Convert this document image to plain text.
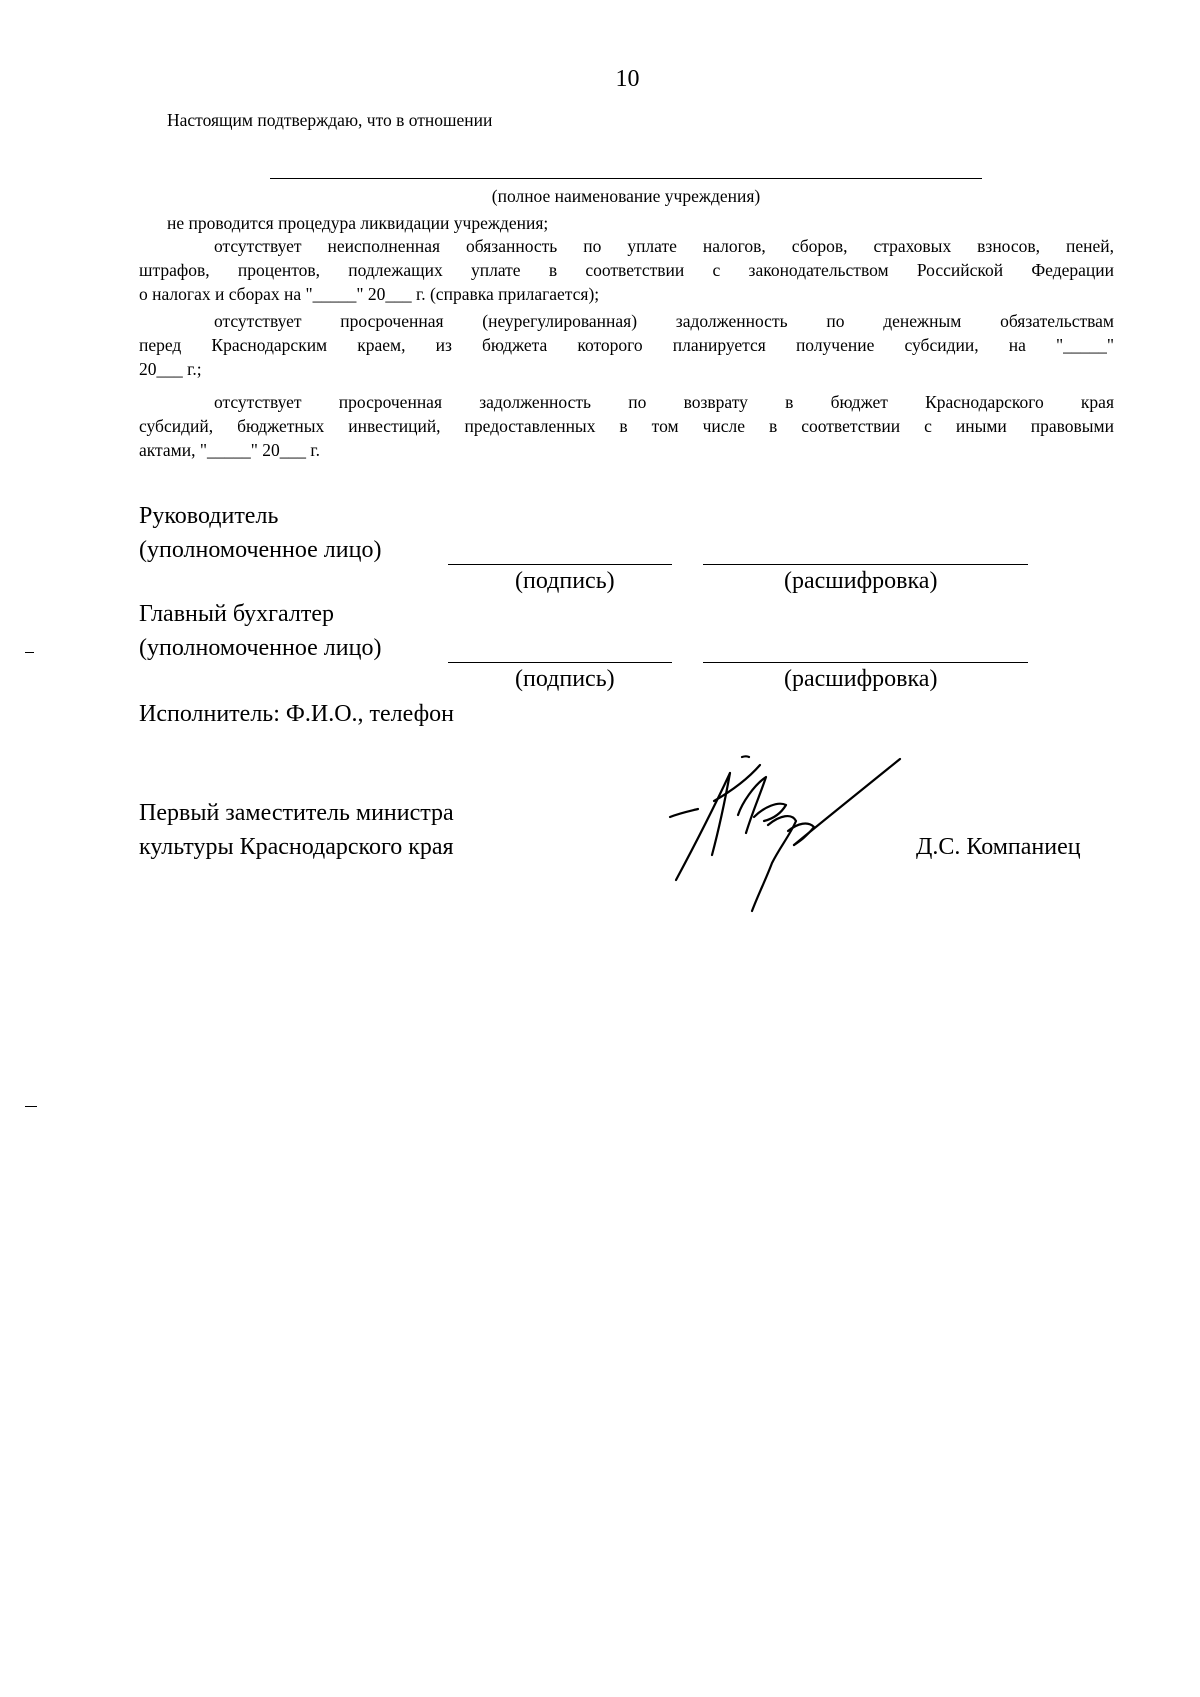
10
Настоящим подтверждаю, что в отношении
(полное наименование учреждения)
не проводится процедура ликвидации учреждения;
отсутствует неисполненная обязанность по уплате налогов, сборов, страховых взносов, пеней,
штрафов, процентов, подлежащих уплате в соответствии с законодательством Российской Федерации
о налогах и сборах на "_____" 20___ г. (справка прилагается);
отсутствует просроченная (неурегулированная) задолженность по денежным обязательствам
перед Краснодарским краем, из бюджета которого планируется получение субсидии, на "_____"
20___ г.;
отсутствует просроченная задолженность по возврату в бюджет Краснодарского края
субсидий, бюджетных инвестиций, предоставленных в том числе в соответствии с иными правовыми
актами, "_____" 20___ г.
Руководитель
(уполномоченное лицо)
(подпись)	(расшифровка)
Главный бухгалтер
(уполномоченное лицо)
(подпись)	(расшифровка)
Исполнитель: Ф.И.О., телефон
Первый заместитель министра
культуры Краснодарского края	Д.С. Компаниец
